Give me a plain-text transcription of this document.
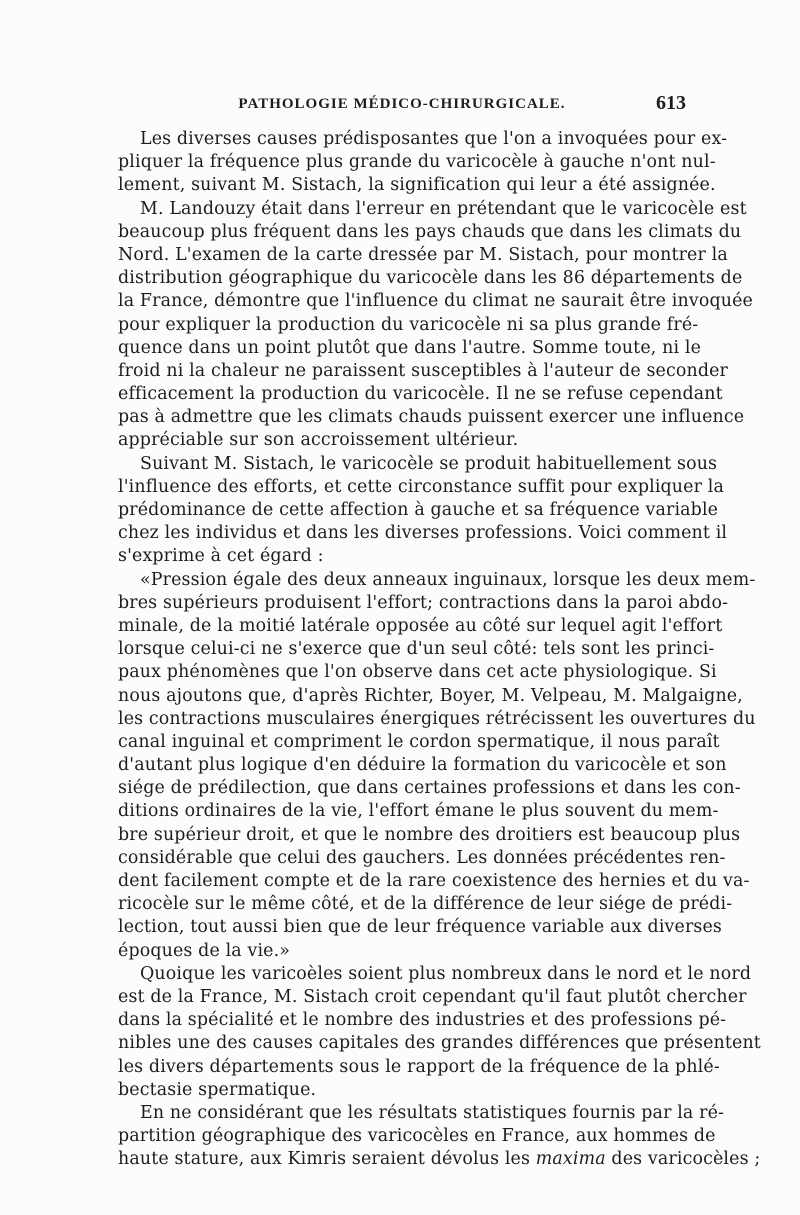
PATHOLOGIE MÉDICO-CHIRURGICALE.	613
Les diverses causes prédisposantes que l'on a invoquées pour ex-
pliquer la fréquence plus grande du varicocèle à gauche n'ont nul-
lement, suivant M. Sistach, la signification qui leur a été assignée.
M. Landouzy était dans l'erreur en prétendant que le varicocèle est
beaucoup plus fréquent dans les pays chauds que dans les climats du
Nord. L'examen de la carte dressée par M. Sistach, pour montrer la
distribution géographique du varicocèle dans les 86 départements de
la France, démontre que l'influence du climat ne saurait être invoquée
pour expliquer la production du varicocèle ni sa plus grande fré-
quence dans un point plutôt que dans l'autre. Somme toute, ni le
froid ni la chaleur ne paraissent susceptibles à l'auteur de seconder
efficacement la production du varicocèle. Il ne se refuse cependant
pas à admettre que les climats chauds puissent exercer une influence
appréciable sur son accroissement ultérieur.
Suivant M. Sistach, le varicocèle se produit habituellement sous
l'influence des efforts, et cette circonstance suffit pour expliquer la
prédominance de cette affection à gauche et sa fréquence variable
chez les individus et dans les diverses professions. Voici comment il
s'exprime à cet égard :
«Pression égale des deux anneaux inguinaux, lorsque les deux mem-
bres supérieurs produisent l'effort; contractions dans la paroi abdo-
minale, de la moitié latérale opposée au côté sur lequel agit l'effort
lorsque celui-ci ne s'exerce que d'un seul côté: tels sont les princi-
paux phénomènes que l'on observe dans cet acte physiologique. Si
nous ajoutons que, d'après Richter, Boyer, M. Velpeau, M. Malgaigne,
les contractions musculaires énergiques rétrécissent les ouvertures du
canal inguinal et compriment le cordon spermatique, il nous paraît
d'autant plus logique d'en déduire la formation du varicocèle et son
siége de prédilection, que dans certaines professions et dans les con-
ditions ordinaires de la vie, l'effort émane le plus souvent du mem-
bre supérieur droit, et que le nombre des droitiers est beaucoup plus
considérable que celui des gauchers. Les données précédentes ren-
dent facilement compte et de la rare coexistence des hernies et du va-
ricocèle sur le même côté, et de la différence de leur siége de prédi-
lection, tout aussi bien que de leur fréquence variable aux diverses
époques de la vie.»
Quoique les varicoèles soient plus nombreux dans le nord et le nord
est de la France, M. Sistach croit cependant qu'il faut plutôt chercher
dans la spécialité et le nombre des industries et des professions pé-
nibles une des causes capitales des grandes différences que présentent
les divers départements sous le rapport de la fréquence de la phlé-
bectasie spermatique.
En ne considérant que les résultats statistiques fournis par la ré-
partition géographique des varicocèles en France, aux hommes de
haute stature, aux Kimris seraient dévolus les maxima des varicocèles ;
